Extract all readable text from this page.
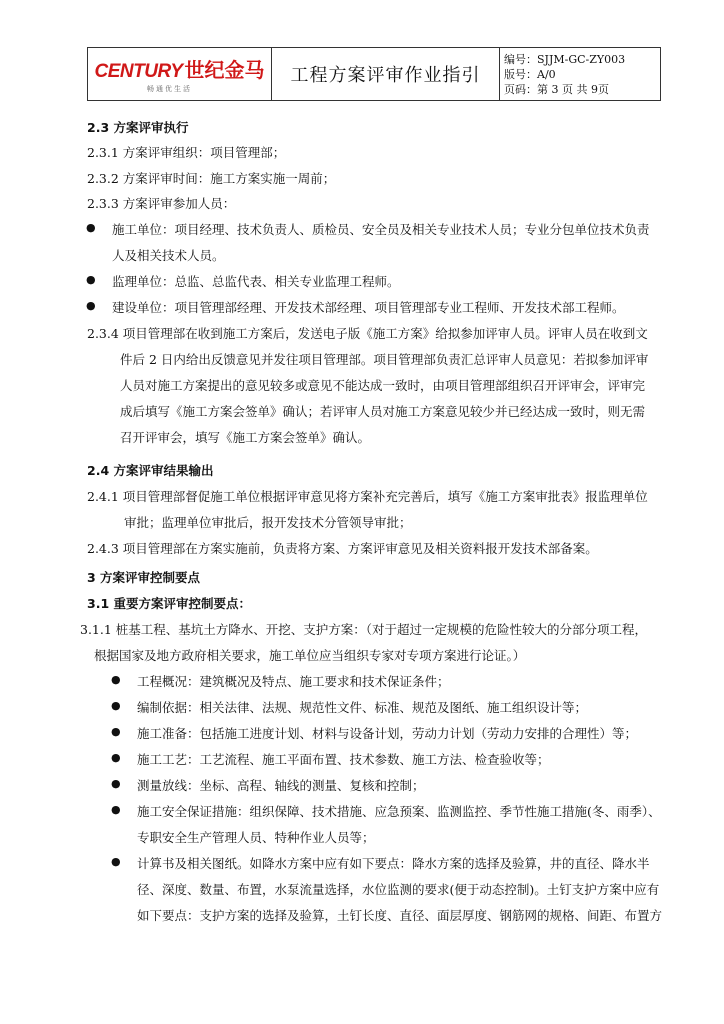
CENTURY 世纪金马
畅通优生活
工程方案评审作业指引
编号：SJJM-GC-ZY003
版号：A/0
页码：第 3 页 共 9页
2.3 方案评审执行
2.3.1 方案评审组织：项目管理部；
2.3.2 方案评审时间：施工方案实施一周前；
2.3.3 方案评审参加人员：
● 施工单位：项目经理、技术负责人、质检员、安全员及相关专业技术人员；专业分包单位技术负责
人及相关技术人员。
● 监理单位：总监、总监代表、相关专业监理工程师。
● 建设单位：项目管理部经理、开发技术部经理、项目管理部专业工程师、开发技术部工程师。
2.3.4 项目管理部在收到施工方案后，发送电子版《施工方案》给拟参加评审人员。评审人员在收到文
件后 2 日内给出反馈意见并发往项目管理部。项目管理部负责汇总评审人员意见：若拟参加评审
人员对施工方案提出的意见较多或意见不能达成一致时，由项目管理部组织召开评审会，评审完
成后填写《施工方案会签单》确认；若评审人员对施工方案意见较少并已经达成一致时，则无需
召开评审会，填写《施工方案会签单》确认。
2.4 方案评审结果输出
2.4.1 项目管理部督促施工单位根据评审意见将方案补充完善后，填写《施工方案审批表》报监理单位
审批；监理单位审批后，报开发技术分管领导审批；
2.4.3 项目管理部在方案实施前，负责将方案、方案评审意见及相关资料报开发技术部备案。
3 方案评审控制要点
3.1 重要方案评审控制要点：
3.1.1 桩基工程、基坑土方降水、开挖、支护方案：（对于超过一定规模的危险性较大的分部分项工程，
根据国家及地方政府相关要求，施工单位应当组织专家对专项方案进行论证。）
● 工程概况：建筑概况及特点、施工要求和技术保证条件；
● 编制依据：相关法律、法规、规范性文件、标准、规范及图纸、施工组织设计等；
● 施工准备：包括施工进度计划、材料与设备计划，劳动力计划（劳动力安排的合理性）等；
● 施工工艺：工艺流程、施工平面布置、技术参数、施工方法、检查验收等；
● 测量放线：坐标、高程、轴线的测量、复核和控制；
● 施工安全保证措施：组织保障、技术措施、应急预案、监测监控、季节性施工措施(冬、雨季）、
专职安全生产管理人员、特种作业人员等；
● 计算书及相关图纸。如降水方案中应有如下要点：降水方案的选择及验算，井的直径、降水半
径、深度、数量、布置，水泵流量选择，水位监测的要求(便于动态控制)。土钉支护方案中应有
如下要点：支护方案的选择及验算，土钉长度、直径、面层厚度、钢筋网的规格、间距、布置方
